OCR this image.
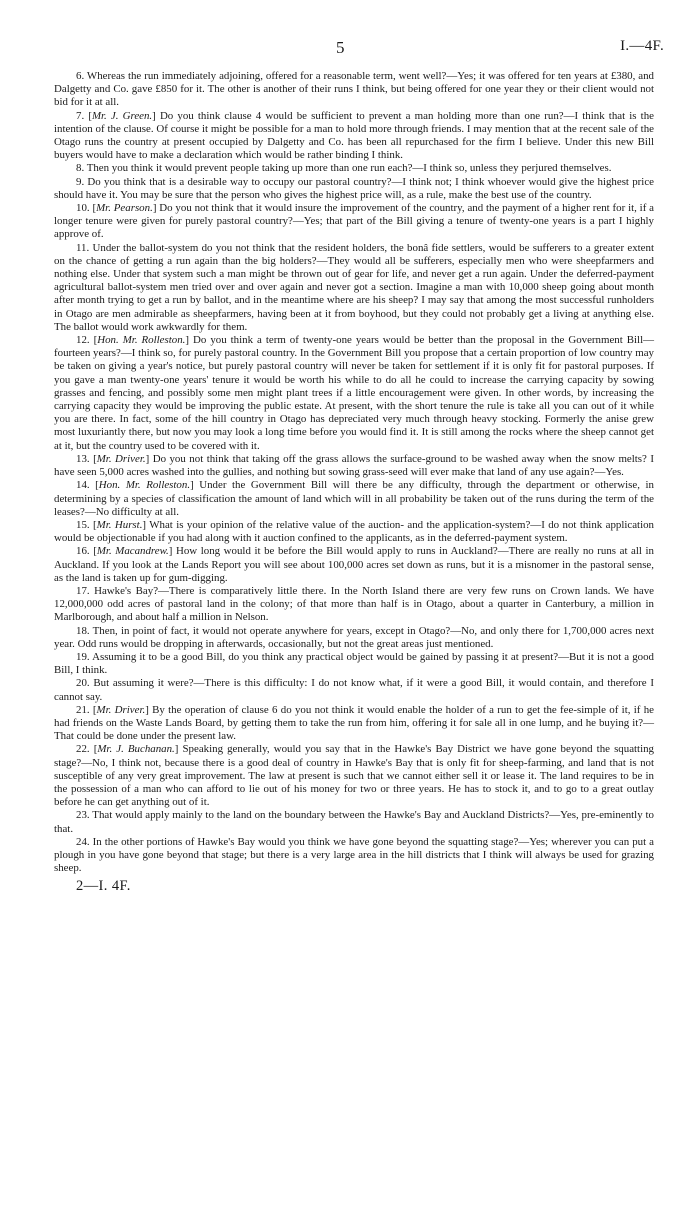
5	I.—4F.

6. Whereas the run immediately adjoining, offered for a reasonable term, went well?—Yes; it was offered for ten years at £380, and Dalgetty and Co. gave £850 for it. The other is another of their runs I think, but being offered for one year they or their client would not bid for it at all.

7. [Mr. J. Green.] Do you think clause 4 would be sufficient to prevent a man holding more than one run?—I think that is the intention of the clause. Of course it might be possible for a man to hold more through friends. I may mention that at the recent sale of the Otago runs the country at present occupied by Dalgetty and Co. has been all repurchased for the firm I believe. Under this new Bill buyers would have to make a declaration which would be rather binding I think.

8. Then you think it would prevent people taking up more than one run each?—I think so, unless they perjured themselves.

9. Do you think that is a desirable way to occupy our pastoral country?—I think not; I think whoever would give the highest price should have it. You may be sure that the person who gives the highest price will, as a rule, make the best use of the country.

10. [Mr. Pearson.] Do you not think that it would insure the improvement of the country, and the payment of a higher rent for it, if a longer tenure were given for purely pastoral country?—Yes; that part of the Bill giving a tenure of twenty-one years is a part I highly approve of.

11. Under the ballot-system do you not think that the resident holders, the bonâ fide settlers, would be sufferers to a greater extent on the chance of getting a run again than the big holders?—They would all be sufferers, especially men who were sheepfarmers and nothing else. Under that system such a man might be thrown out of gear for life, and never get a run again. Under the deferred-payment agricultural ballot-system men tried over and over again and never got a section. Imagine a man with 10,000 sheep going about month after month trying to get a run by ballot, and in the meantime where are his sheep? I may say that among the most successful runholders in Otago are men admirable as sheepfarmers, having been at it from boyhood, but they could not probably get a living at anything else. The ballot would work awkwardly for them.

12. [Hon. Mr. Rolleston.] Do you think a term of twenty-one years would be better than the proposal in the Government Bill—fourteen years?—I think so, for purely pastoral country. In the Government Bill you propose that a certain proportion of low country may be taken on giving a year's notice, but purely pastoral country will never be taken for settlement if it is only fit for pastoral purposes. If you gave a man twenty-one years' tenure it would be worth his while to do all he could to increase the carrying capacity by sowing grasses and fencing, and possibly some men might plant trees if a little encouragement were given. In other words, by increasing the carrying capacity they would be improving the public estate. At present, with the short tenure the rule is take all you can out of it while you are there. In fact, some of the hill country in Otago has depreciated very much through heavy stocking. Formerly the anise grew most luxuriantly there, but now you may look a long time before you would find it. It is still among the rocks where the sheep cannot get at it, but the country used to be covered with it.

13. [Mr. Driver.] Do you not think that taking off the grass allows the surface-ground to be washed away when the snow melts? I have seen 5,000 acres washed into the gullies, and nothing but sowing grass-seed will ever make that land of any use again?—Yes.

14. [Hon. Mr. Rolleston.] Under the Government Bill will there be any difficulty, through the department or otherwise, in determining by a species of classification the amount of land which will in all probability be taken out of the runs during the term of the leases?—No difficulty at all.

15. [Mr. Hurst.] What is your opinion of the relative value of the auction- and the application-system?—I do not think application would be objectionable if you had along with it auction confined to the applicants, as in the deferred-payment system.

16. [Mr. Macandrew.] How long would it be before the Bill would apply to runs in Auckland?—There are really no runs at all in Auckland. If you look at the Lands Report you will see about 100,000 acres set down as runs, but it is a misnomer in the pastoral sense, as the land is taken up for gum-digging.

17. Hawke's Bay?—There is comparatively little there. In the North Island there are very few runs on Crown lands. We have 12,000,000 odd acres of pastoral land in the colony; of that more than half is in Otago, about a quarter in Canterbury, a million in Marlborough, and about half a million in Nelson.

18. Then, in point of fact, it would not operate anywhere for years, except in Otago?—No, and only there for 1,700,000 acres next year. Odd runs would be dropping in afterwards, occasionally, but not the great areas just mentioned.

19. Assuming it to be a good Bill, do you think any practical object would be gained by passing it at present?—But it is not a good Bill, I think.

20. But assuming it were?—There is this difficulty: I do not know what, if it were a good Bill, it would contain, and therefore I cannot say.

21. [Mr. Driver.] By the operation of clause 6 do you not think it would enable the holder of a run to get the fee-simple of it, if he had friends on the Waste Lands Board, by getting them to take the run from him, offering it for sale all in one lump, and he buying it?—That could be done under the present law.

22. [Mr. J. Buchanan.] Speaking generally, would you say that in the Hawke's Bay District we have gone beyond the squatting stage?—No, I think not, because there is a good deal of country in Hawke's Bay that is only fit for sheep-farming, and land that is not susceptible of any very great improvement. The law at present is such that we cannot either sell it or lease it. The land requires to be in the possession of a man who can afford to lie out of his money for two or three years. He has to stock it, and to go to a great outlay before he can get anything out of it.

23. That would apply mainly to the land on the boundary between the Hawke's Bay and Auckland Districts?—Yes, pre-eminently to that.

24. In the other portions of Hawke's Bay would you think we have gone beyond the squatting stage?—Yes; wherever you can put a plough in you have gone beyond that stage; but there is a very large area in the hill districts that I think will always be used for grazing sheep.

2—I. 4F.
